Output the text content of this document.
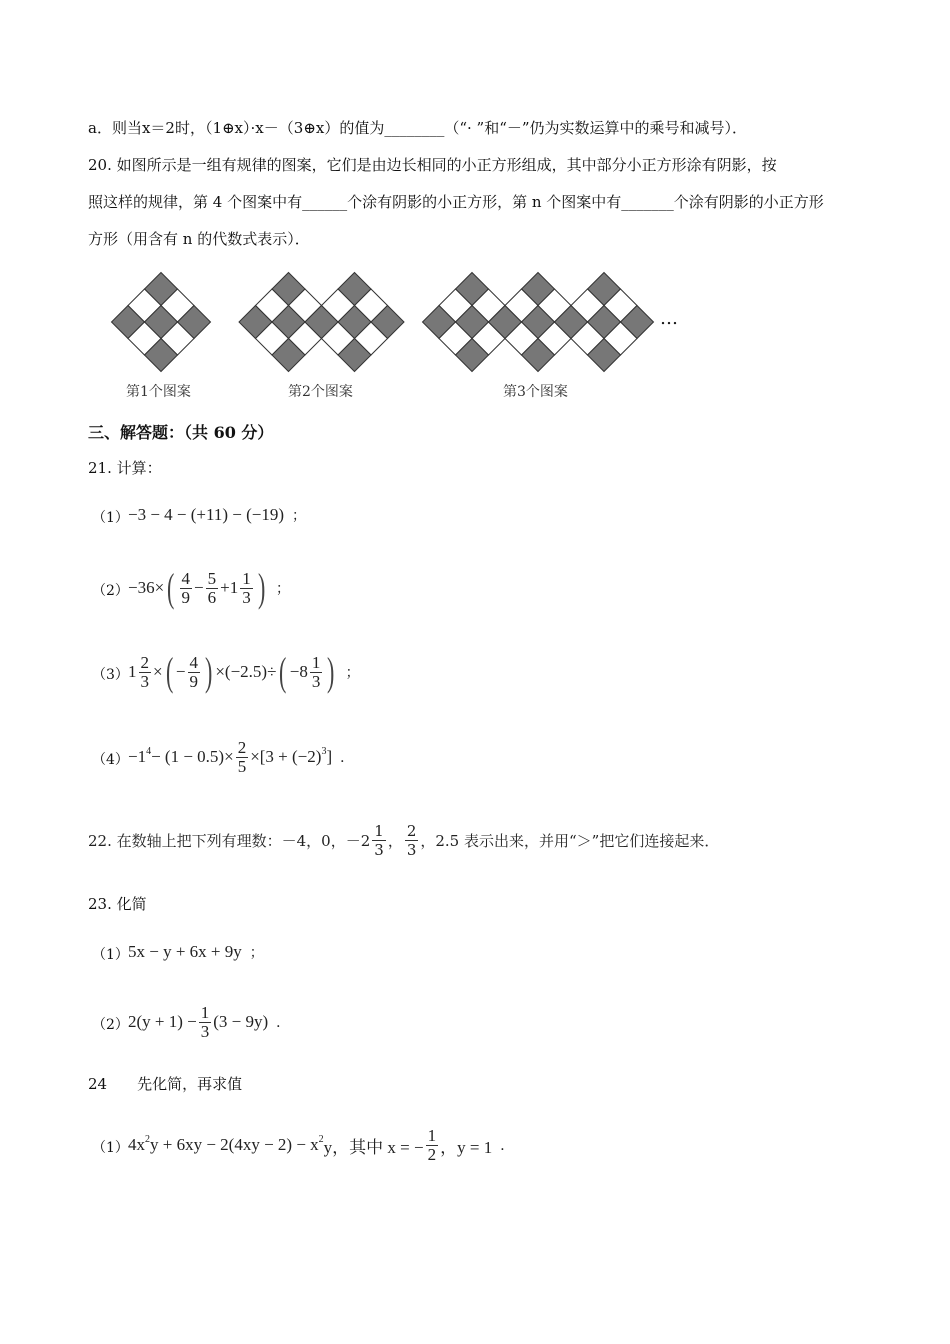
a．则当x＝2时，（1⊕x）·x－（3⊕x）的值为________（“· ”和“－”仍为实数运算中的乘号和减号）．
20. 如图所示是一组有规律的图案，它们是由边长相同的小正方形组成，其中部分小正方形涂有阴影，按
照这样的规律，第 4 个图案中有______个涂有阴影的小正方形，第 n 个图案中有_______个涂有阴影的小正方形
方形（用含有 n 的代数式表示）．
第1个图案	第2个图案	第3个图案
…
三、解答题：（共 60 分）
21. 计算：
（1） −3 − 4 − (+11) − (−19) ；
（2） −36× ( $\frac{4}{9} - \frac{5}{6} +1 \frac{1}{3}$ ) ；
（3） $1 \frac{2}{3}$ × ( − $\frac{4}{9}$ ) ×(−2.5)÷ ( $-8 \frac{1}{3}$ ) ；
（4） −1 $4 - (1 - 0.5)\times \frac{2}{5} \times[3 + (-2)$ 3 ] ．
22. 在数轴上把下列有理数：－4，0，$-2 \frac{1}{3}$ ， $\frac{2}{3}$ ，2.5 表示出来，并用“＞”把它们连接起来．
23. 化简
（1） 5x − y + 6x + 9y ；
（2） $2(y + 1) - \frac{1}{3} (3 - 9y)$ ．
24　　先化简，再求值
（1） 4x 2 y + 6xy − 2(4xy − 2) − x 2 y，其中 x = − $\frac{1}{2}$ ，y = 1 ．
